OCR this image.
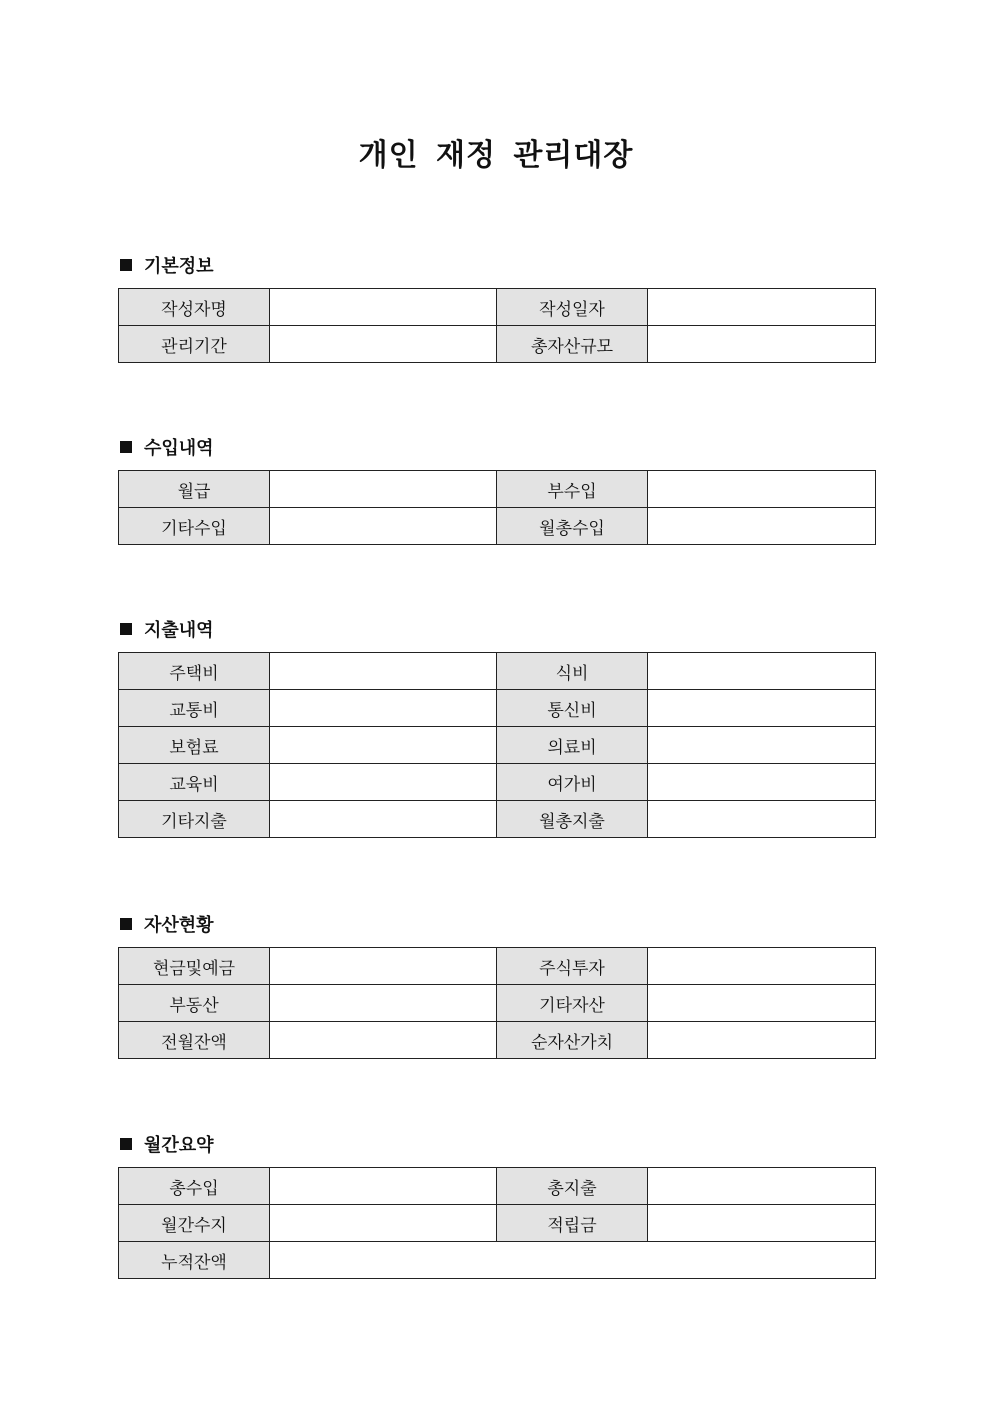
개인 재정 관리대장
기본정보
작성자명		작성일자	
관리기간		총자산규모	
수입내역
월급		부수입	
기타수입		월총수입	
지출내역
주택비		식비	
교통비		통신비	
보험료		의료비	
교육비		여가비	
기타지출		월총지출	
자산현황
현금및예금		주식투자	
부동산		기타자산	
전월잔액		순자산가치	
월간요약
총수입		총지출	
월간수지		적립금	
누적잔액			
